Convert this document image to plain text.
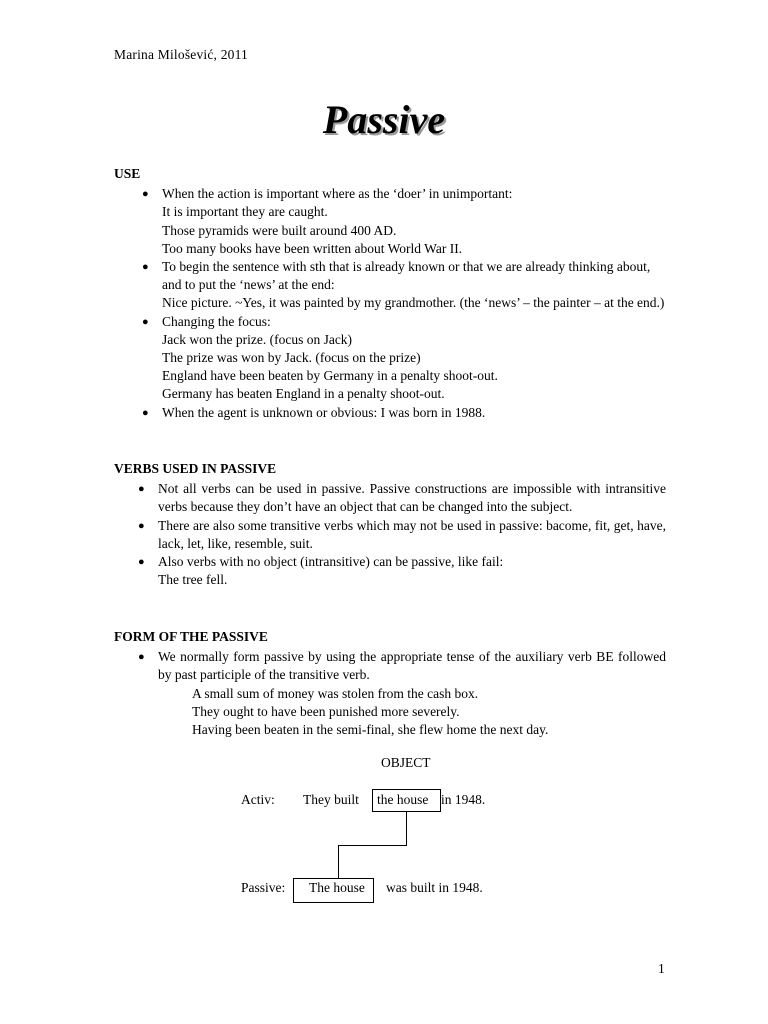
Marina Milošević, 2011
Passive
USE
● When the action is important where as the ‘doer’ in unimportant:
It is important they are caught.
Those pyramids were built around 400 AD.
Too many books have been written about World War II.
● To begin the sentence with sth that is already known or that we are already thinking about, and to put the ‘news’ at the end:
Nice picture. ~Yes, it was painted by my grandmother. (the ‘news’ – the painter – at the end.)
● Changing the focus:
Jack won the prize. (focus on Jack)
The prize was won by Jack. (focus on the prize)
England have been beaten by Germany in a penalty shoot-out.
Germany has beaten England in a penalty shoot-out.
● When the agent is unknown or obvious: I was born in 1988.
VERBS USED IN PASSIVE
● Not all verbs can be used in passive. Passive constructions are impossible with intransitive verbs because they don’t have an object that can be changed into the subject.
● There are also some transitive verbs which may not be used in passive: bacome, fit, get, have, lack, let, like, resemble, suit.
● Also verbs with no object (intransitive) can be passive, like fail:
The tree fell.
FORM OF THE PASSIVE
● We normally form passive by using the appropriate tense of the auxiliary verb BE followed by past participle of the transitive verb.
A small sum of money was stolen from the cash box.
They ought to have been punished more severely.
Having been beaten in the semi-final, she flew home the next day.
OBJECT
Activ: They built the house in 1948.
Passive: The house was built in 1948.
1
